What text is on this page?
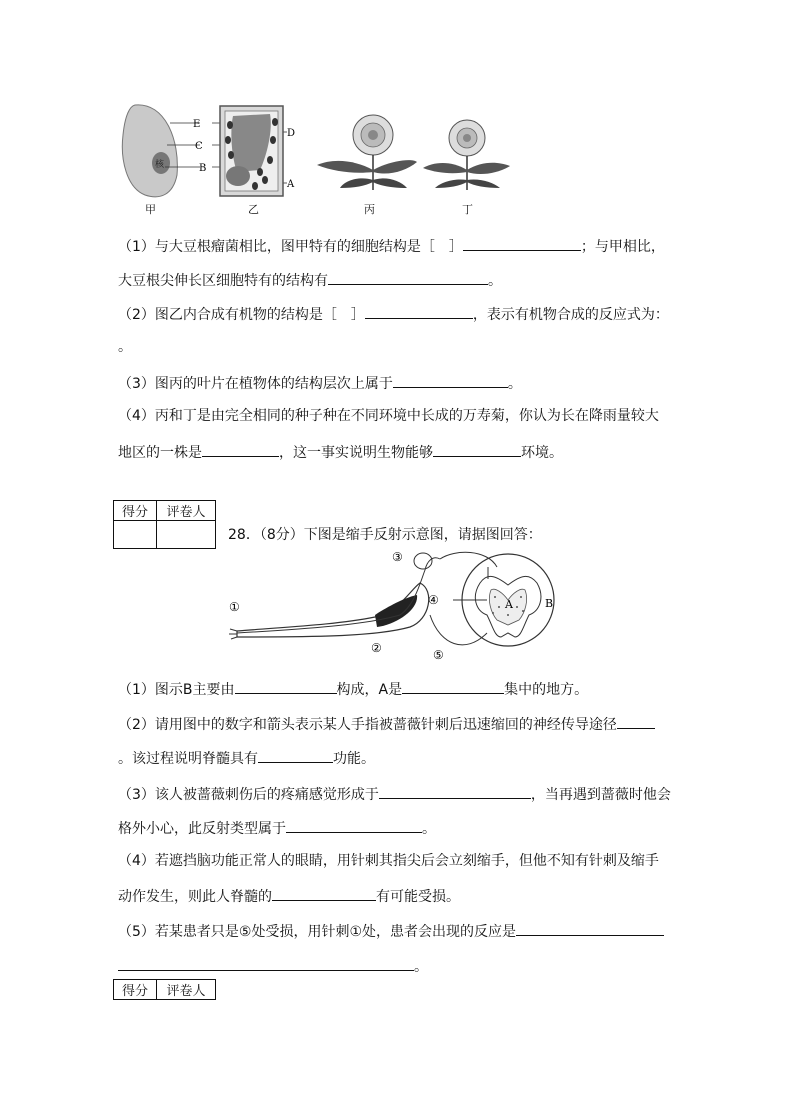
核
E
C
B
D
A
甲	乙	丙	丁
（1）与大豆根瘤菌相比，图甲特有的细胞结构是［　］	；与甲相比，
大豆根尖伸长区细胞特有的结构有	。
（2）图乙内合成有机物的结构是［　］	，表示有机物合成的反应式为：
。
（3）图丙的叶片在植物体的结构层次上属于	。
（4）丙和丁是由完全相同的种子种在不同环境中长成的万寿菊，你认为长在降雨量较大
地区的一株是	，这一事实说明生物能够	环境。
得分	评卷人

28．（8分）下图是缩手反射示意图，请据图回答：
①
②
③
④
⑤
A	B
（1）图示B主要由	构成，A是	集中的地方。
（2）请用图中的数字和箭头表示某人手指被蔷薇针刺后迅速缩回的神经传导途径
。该过程说明脊髓具有	功能。
（3）该人被蔷薇刺伤后的疼痛感觉形成于	，当再遇到蔷薇时他会
格外小心，此反射类型属于	。
（4）若遮挡脑功能正常人的眼睛，用针刺其指尖后会立刻缩手，但他不知有针刺及缩手
动作发生，则此人脊髓的	有可能受损。
（5）若某患者只是⑤处受损，用针刺①处，患者会出现的反应是
。
得分	评卷人
